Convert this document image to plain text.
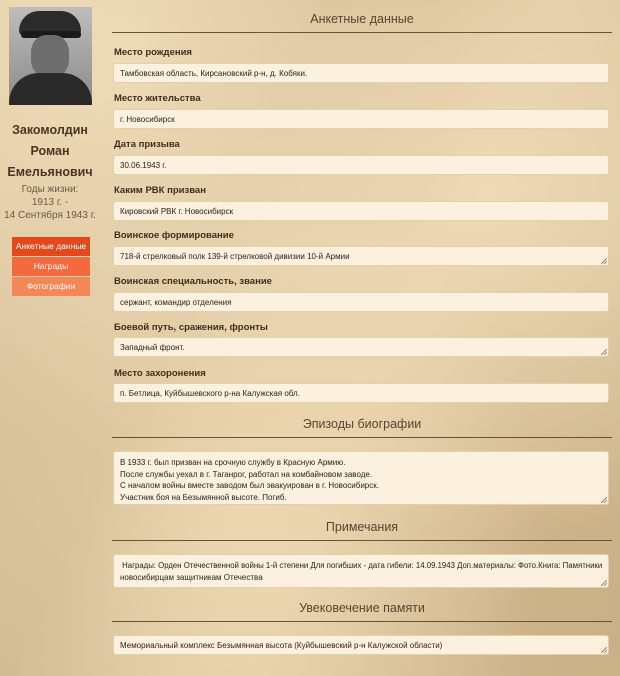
Закомолдин
Роман
Емельянович
Годы жизни:
1913 г. -
14 Сентября 1943 г.
Анкетные данные
Награды
Фотографии
Анкетные данные
Место рождения
Тамбовская область, Кирсановский р-н, д. Кобяки.
Место жительства
г. Новосибирск
Дата призыва
30.06.1943 г.
Каким РВК призван
Кировский РВК г. Новосибирск
Воинское формирование
718-й стрелковый полк 139-й стрелковой дивизии 10-й Армии
Воинская специальность, звание
сержант, командир отделения
Боевой путь, сражения, фронты
Западный фронт.
Место захоронения
п. Бетлица, Куйбышевского р-на Калужская обл.
Эпизоды биографии
В 1933 г. был призван на срочную службу в Красную Армию.
После службы уехал в г. Таганрог, работал на комбайновом заводе.
С началом войны вместе заводом был эвакуирован в г. Новосибирск.
Участник боя на Безымянной высоте. Погиб.
Примечания
Награды: Орден Отечественной войны 1-й степени Для погибших - дата гибели: 14.09.1943 Доп.материалы: Фото.Книга: Памятники
новосибирцам защитникам Отечества
Увековечение памяти
Мемориальный комплекс Безымянная высота (Куйбышевский р-н Калужской области)
